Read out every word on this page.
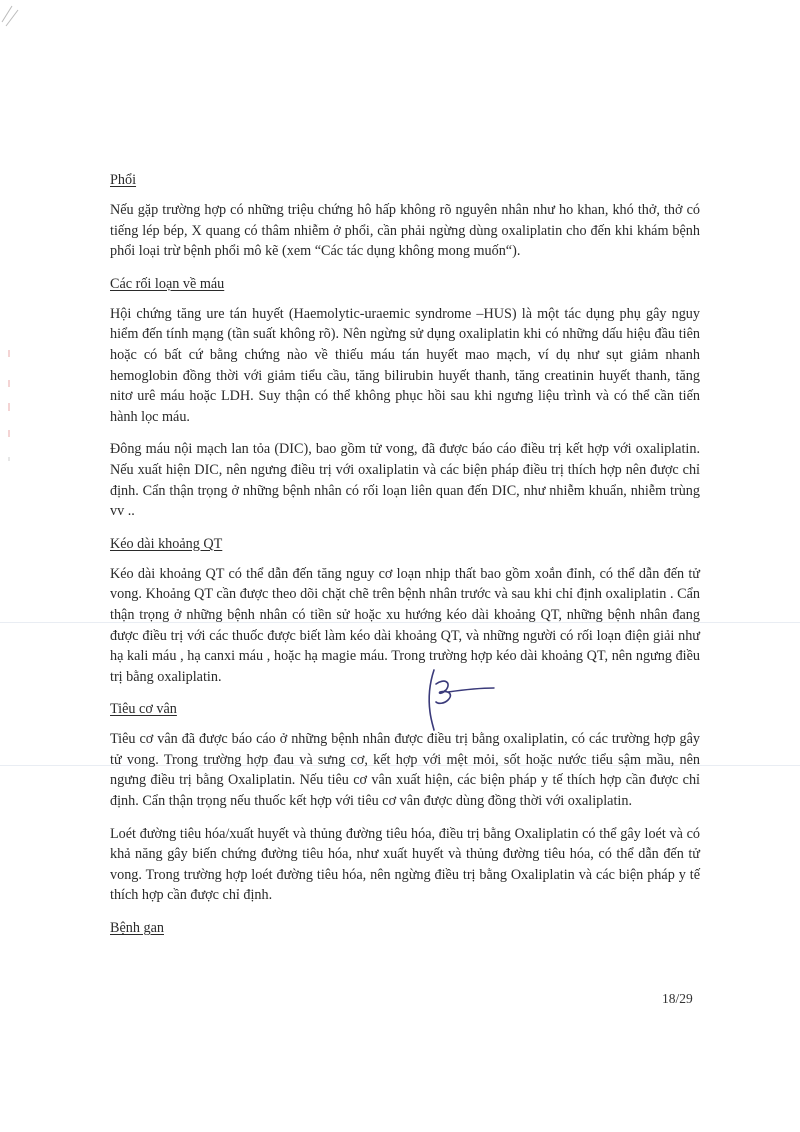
Phổi

Nếu gặp trường hợp có những triệu chứng hô hấp không rõ nguyên nhân như ho khan, khó thở, thở có tiếng lép bép, X quang có thâm nhiễm ở phổi, cần phải ngừng dùng oxaliplatin cho đến khi khám bệnh phổi loại trừ bệnh phổi mô kẽ (xem “Các tác dụng không mong muốn“).

Các rối loạn về máu

Hội chứng tăng ure tán huyết (Haemolytic-uraemic syndrome –HUS) là một tác dụng phụ gây nguy hiểm đến tính mạng (tần suất không rõ). Nên ngừng sử dụng oxaliplatin khi có những dấu hiệu đầu tiên hoặc có bất cứ bằng chứng nào về thiếu máu tán huyết mao mạch, ví dụ như sụt giảm nhanh hemoglobin đồng thời với giảm tiểu cầu, tăng bilirubin huyết thanh, tăng creatinin huyết thanh, tăng nitơ urê máu hoặc LDH. Suy thận có thể không phục hồi sau khi ngưng liệu trình và có thể cần tiến hành lọc máu.

Đông máu nội mạch lan tỏa (DIC), bao gồm tử vong, đã được báo cáo điều trị kết hợp với oxaliplatin. Nếu xuất hiện DIC, nên ngưng điều trị với oxaliplatin và các biện pháp điều trị thích hợp nên được chỉ định. Cẩn thận trọng ở những bệnh nhân có rối loạn liên quan đến DIC, như nhiễm khuẩn, nhiễm trùng vv ..

Kéo dài khoảng QT

Kéo dài khoảng QT có thể dẫn đến tăng nguy cơ loạn nhịp thất bao gồm xoắn đỉnh, có thể dẫn đến tử vong. Khoảng QT cần được theo dõi chặt chẽ trên bệnh nhân trước và sau khi chỉ định oxaliplatin . Cẩn thận trọng ở những bệnh nhân có tiền sử hoặc xu hướng kéo dài khoảng QT, những bệnh nhân đang được điều trị với các thuốc được biết làm kéo dài khoảng QT, và những người có rối loạn điện giải như hạ kali máu , hạ canxi máu , hoặc hạ magie máu. Trong trường hợp kéo dài khoảng QT, nên ngưng điều trị bằng oxaliplatin.

Tiêu cơ vân

Tiêu cơ vân đã được báo cáo ở những bệnh nhân được điều trị bằng oxaliplatin, có các trường hợp gây tử vong. Trong trường hợp đau và sưng cơ, kết hợp với mệt mỏi, sốt hoặc nước tiểu sậm mầu, nên ngưng điều trị bằng Oxaliplatin. Nếu tiêu cơ vân xuất hiện, các biện pháp y tế thích hợp cần được chỉ định. Cẩn thận trọng nếu thuốc kết hợp với tiêu cơ vân được dùng đồng thời với oxaliplatin.

Loét đường tiêu hóa/xuất huyết và thủng đường tiêu hóa, điều trị bằng Oxaliplatin có thể gây loét và có khả năng gây biến chứng đường tiêu hóa, như xuất huyết và thủng đường tiêu hóa, có thể dẫn đến tử vong. Trong trường hợp loét đường tiêu hóa, nên ngừng điều trị bằng Oxaliplatin và các biện pháp y tế thích hợp cần được chỉ định.

Bệnh gan
18/29
